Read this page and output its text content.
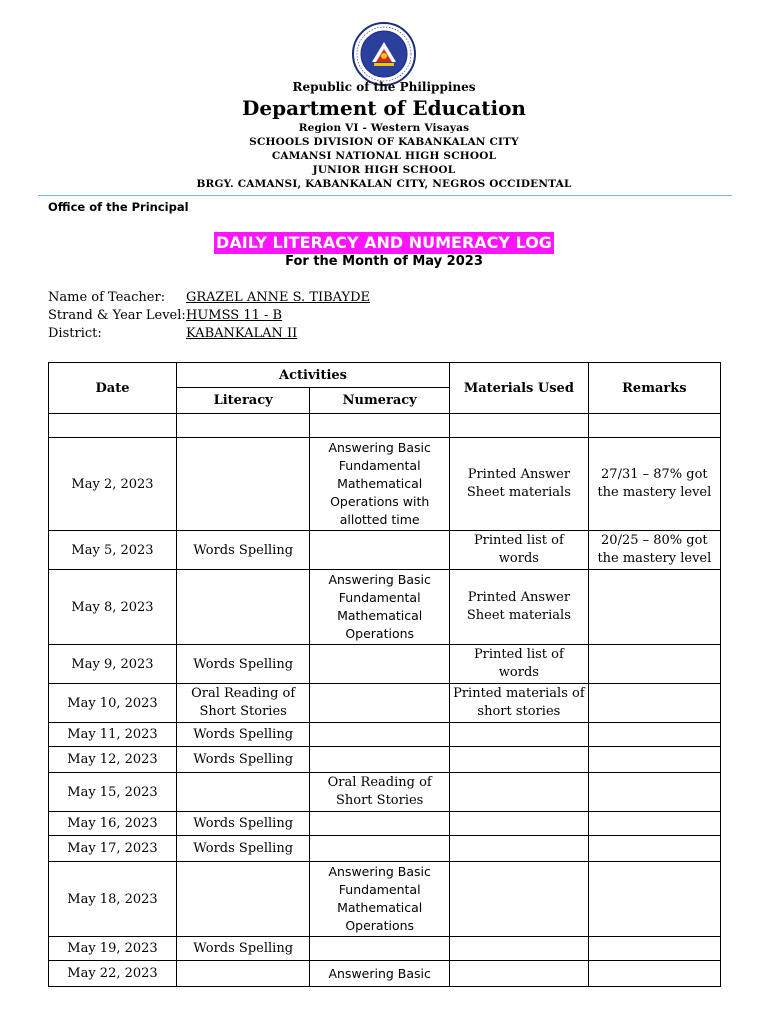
Republic of the Philippines
Department of Education
Region VI - Western Visayas
SCHOOLS DIVISION OF KABANKALAN CITY
CAMANSI NATIONAL HIGH SCHOOL
JUNIOR HIGH SCHOOL
BRGY. CAMANSI, KABANKALAN CITY, NEGROS OCCIDENTAL
Office of the Principal
DAILY LITERACY AND NUMERACY LOG
For the Month of May 2023
Name of Teacher: GRAZEL ANNE S. TIBAYDE
Strand & Year Level:HUMSS 11 - B
District:	KABANKALAN II
Date	Activities		Materials Used	Remarks
	Literacy	Numeracy		

May 2, 2023		Answering Basic Fundamental Mathematical Operations with allotted time	Printed Answer Sheet materials	27/31 – 87% got the mastery level
May 5, 2023	Words Spelling		Printed list of words	20/25 – 80% got the mastery level
May 8, 2023		Answering Basic Fundamental Mathematical Operations	Printed Answer Sheet materials	
May 9, 2023	Words Spelling		Printed list of words	
May 10, 2023	Oral Reading of Short Stories		Printed materials of short stories	
May 11, 2023	Words Spelling			
May 12, 2023	Words Spelling			
May 15, 2023		Oral Reading of Short Stories		
May 16, 2023	Words Spelling			
May 17, 2023	Words Spelling			
May 18, 2023		Answering Basic Fundamental Mathematical Operations		
May 19, 2023	Words Spelling			
May 22, 2023		Answering Basic		
